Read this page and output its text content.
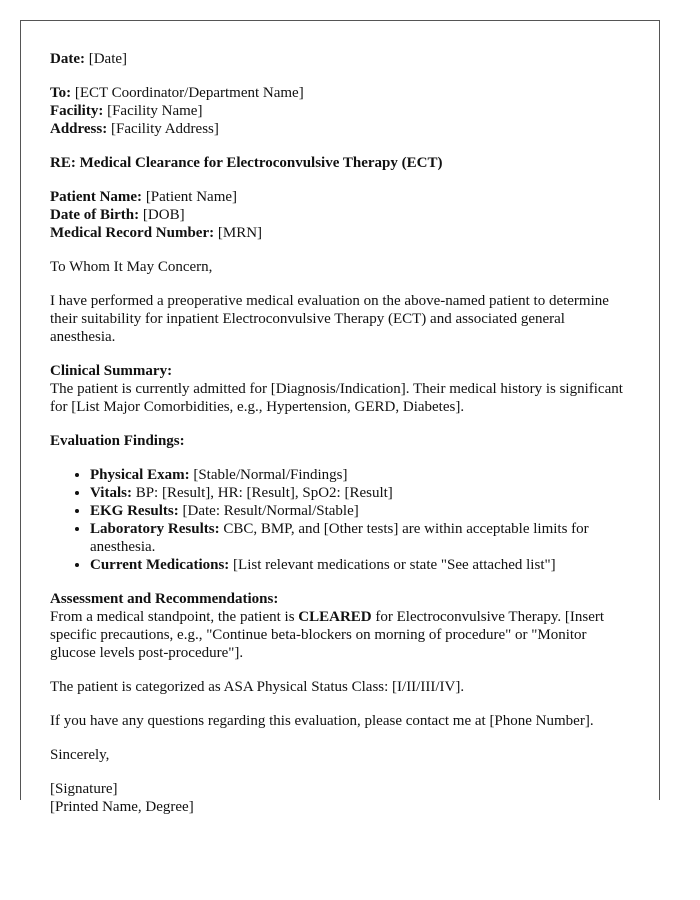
Date: [Date]
To: [ECT Coordinator/Department Name]
Facility: [Facility Name]
Address: [Facility Address]
RE: Medical Clearance for Electroconvulsive Therapy (ECT)
Patient Name: [Patient Name]
Date of Birth: [DOB]
Medical Record Number: [MRN]
To Whom It May Concern,
I have performed a preoperative medical evaluation on the above-named patient to determine their suitability for inpatient Electroconvulsive Therapy (ECT) and associated general anesthesia.
Clinical Summary:
The patient is currently admitted for [Diagnosis/Indication]. Their medical history is significant for [List Major Comorbidities, e.g., Hypertension, GERD, Diabetes].
Evaluation Findings:
• Physical Exam: [Stable/Normal/Findings]
• Vitals: BP: [Result], HR: [Result], SpO2: [Result]
• EKG Results: [Date: Result/Normal/Stable]
• Laboratory Results: CBC, BMP, and [Other tests] are within acceptable limits for anesthesia.
• Current Medications: [List relevant medications or state "See attached list"]
Assessment and Recommendations:
From a medical standpoint, the patient is CLEARED for Electroconvulsive Therapy. [Insert specific precautions, e.g., "Continue beta-blockers on morning of procedure" or "Monitor glucose levels post-procedure"].
The patient is categorized as ASA Physical Status Class: [I/II/III/IV].
If you have any questions regarding this evaluation, please contact me at [Phone Number].
Sincerely,
[Signature]
[Printed Name, Degree]
